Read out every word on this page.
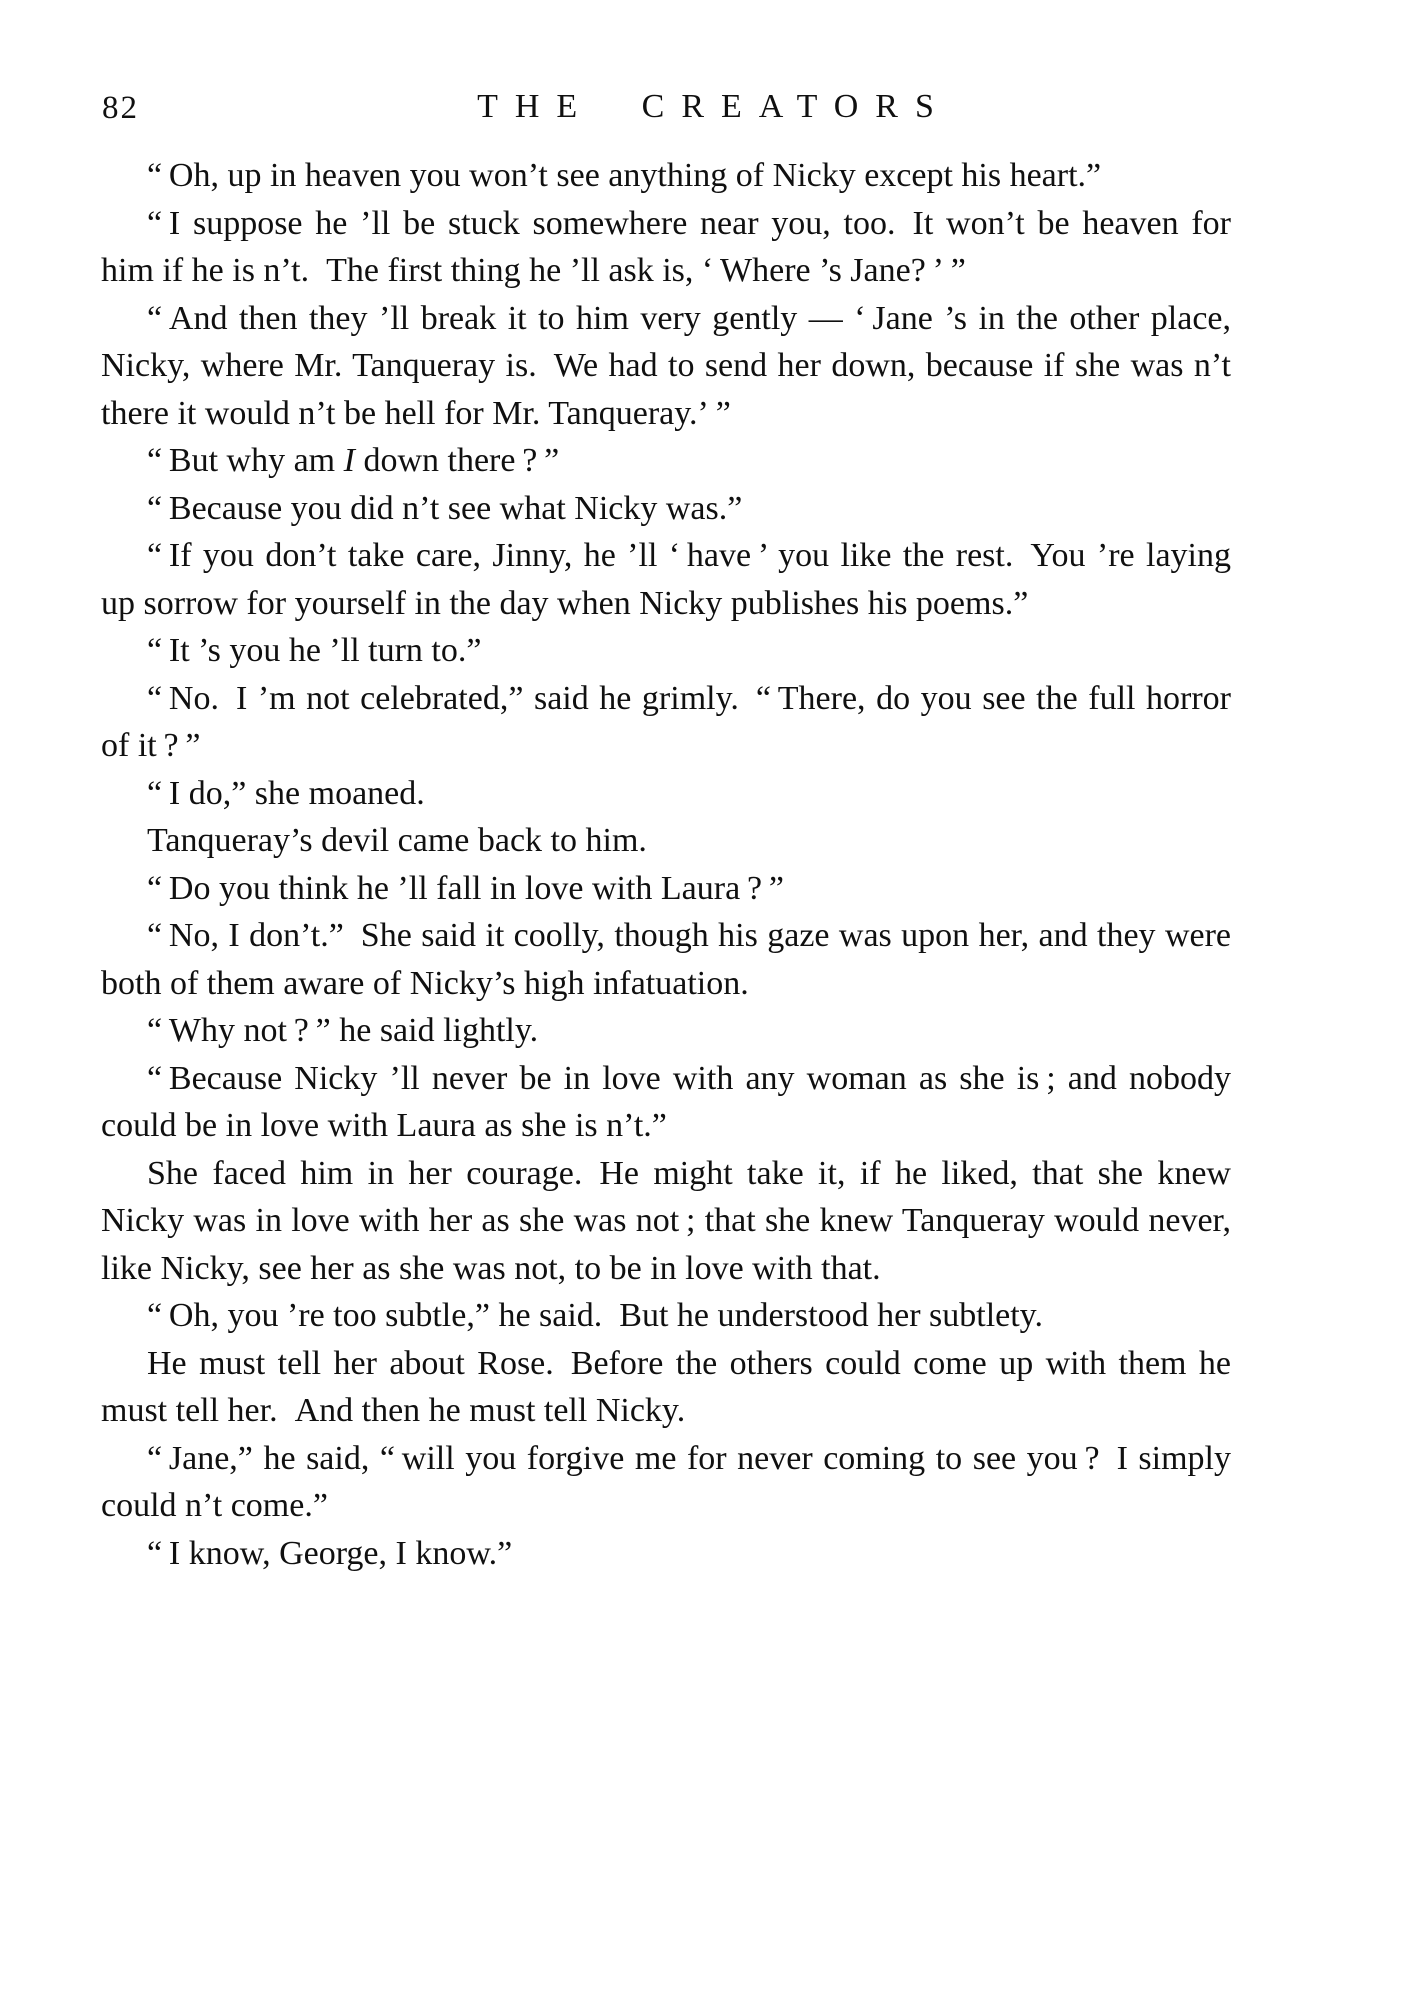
82	THE CREATORS

“ Oh, up in heaven you won’t see anything of Nicky except his heart.”

“ I suppose he ’ll be stuck somewhere near you, too. It won’t be heaven for him if he is n’t. The first thing he ’ll ask is, ‘ Where ’s Jane? ’ ”

“ And then they ’ll break it to him very gently — ‘ Jane ’s in the other place, Nicky, where Mr. Tanqueray is. We had to send her down, because if she was n’t there it would n’t be hell for Mr. Tanqueray.’ ”

“ But why am I down there ? ”

“ Because you did n’t see what Nicky was.”

“ If you don’t take care, Jinny, he ’ll ‘ have ’ you like the rest. You ’re laying up sorrow for yourself in the day when Nicky publishes his poems.”

“ It ’s you he ’ll turn to.”

“ No. I ’m not celebrated,” said he grimly. “ There, do you see the full horror of it ? ”

“ I do,” she moaned.

Tanqueray’s devil came back to him.

“ Do you think he ’ll fall in love with Laura ? ”

“ No, I don’t.” She said it coolly, though his gaze was upon her, and they were both of them aware of Nicky’s high infatuation.

“ Why not ? ” he said lightly.

“ Because Nicky ’ll never be in love with any woman as she is ; and nobody could be in love with Laura as she is n’t.”

She faced him in her courage. He might take it, if he liked, that she knew Nicky was in love with her as she was not ; that she knew Tanqueray would never, like Nicky, see her as she was not, to be in love with that.

“ Oh, you ’re too subtle,” he said. But he understood her subtlety.

He must tell her about Rose. Before the others could come up with them he must tell her. And then he must tell Nicky.

“ Jane,” he said, “ will you forgive me for never coming to see you ? I simply could n’t come.”

“ I know, George, I know.”
